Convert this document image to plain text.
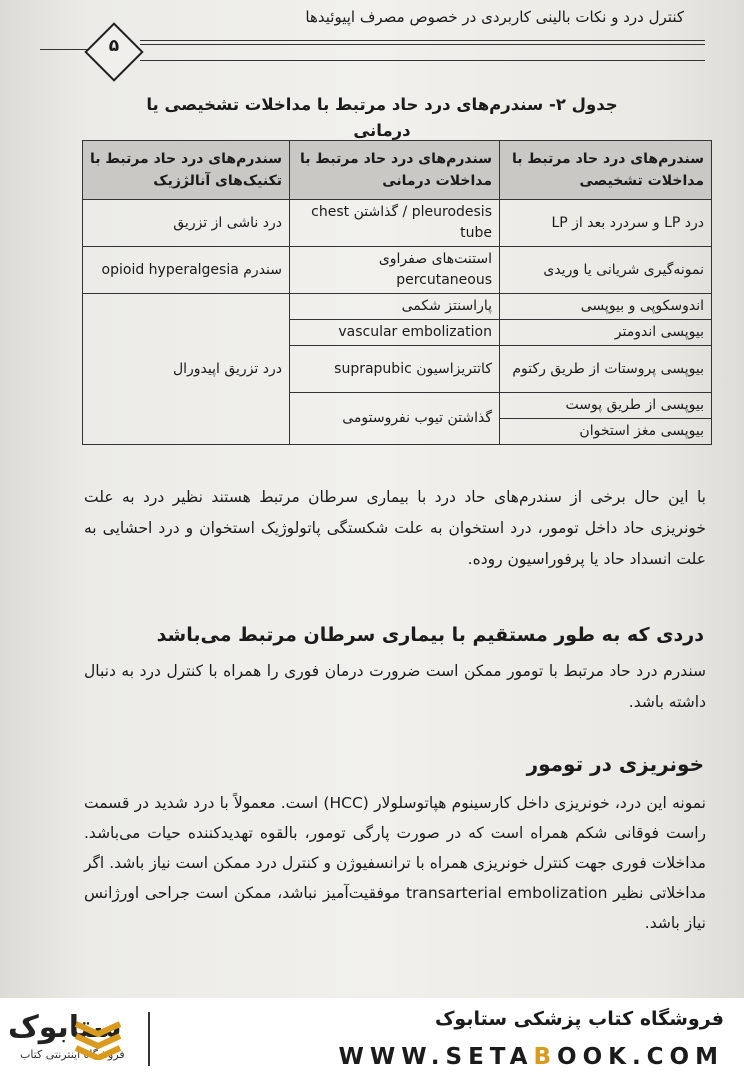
کنترل درد و نکات بالینی کاربردی در خصوص مصرف اپیوئیدها
۵
جدول ۲- سندرم‌های درد حاد مرتبط با مداخلات تشخیصی یا درمانی
سندرم‌های درد حاد مرتبط با مداخلات تشخیصی	سندرم‌های درد حاد مرتبط با مداخلات درمانی	سندرم‌های درد حاد مرتبط با تکنیک‌های آنالژزیک
درد LP و سردرد بعد از LP	pleurodesis / گذاشتن chest tube	درد ناشی از تزریق
نمونه‌گیری شریانی یا وریدی	استنت‌های صفراوی percutaneous	سندرم opioid hyperalgesia
اندوسکوپی و بیوپسی	پاراسنتز شکمی	درد تزریق اپیدورال
بیوپسی اندومتر	vascular embolization	
بیوپسی پروستات از طریق رکتوم	کاتتریزاسیون suprapubic	
بیوپسی از طریق پوست	گذاشتن تیوب نفروستومی	
بیوپسی مغز استخوان		

با این حال برخی از سندرم‌های حاد درد با بیماری سرطان مرتبط هستند نظیر درد به علت خونریزی حاد داخل تومور، درد استخوان به علت شکستگی پاتولوژیک استخوان و درد احشایی به علت انسداد حاد یا پرفوراسیون روده.

دردی که به طور مستقیم با بیماری سرطان مرتبط می‌باشد

سندرم درد حاد مرتبط با تومور ممکن است ضرورت درمان فوری را همراه با کنترل درد به دنبال داشته باشد.

خونریزی در تومور

نمونه این درد، خونریزی داخل کارسینوم هپاتوسلولار (HCC) است. معمولاً با درد شدید در قسمت راست فوقانی شکم همراه است که در صورت پارگی تومور، بالقوه تهدیدکننده حیات می‌باشد. مداخلات فوری جهت کنترل خونریزی همراه با ترانسفیوژن و کنترل درد ممکن است نیاز باشد. اگر مداخلاتی نظیر transarterial embolization موفقیت‌آمیز نباشد، ممکن است جراحی اورژانس نیاز باشد.

ستابوک
فروشگاه اینترنتی کتاب
فروشگاه کتاب پزشکی ستابوک
WWW.SETABOOK.COM
